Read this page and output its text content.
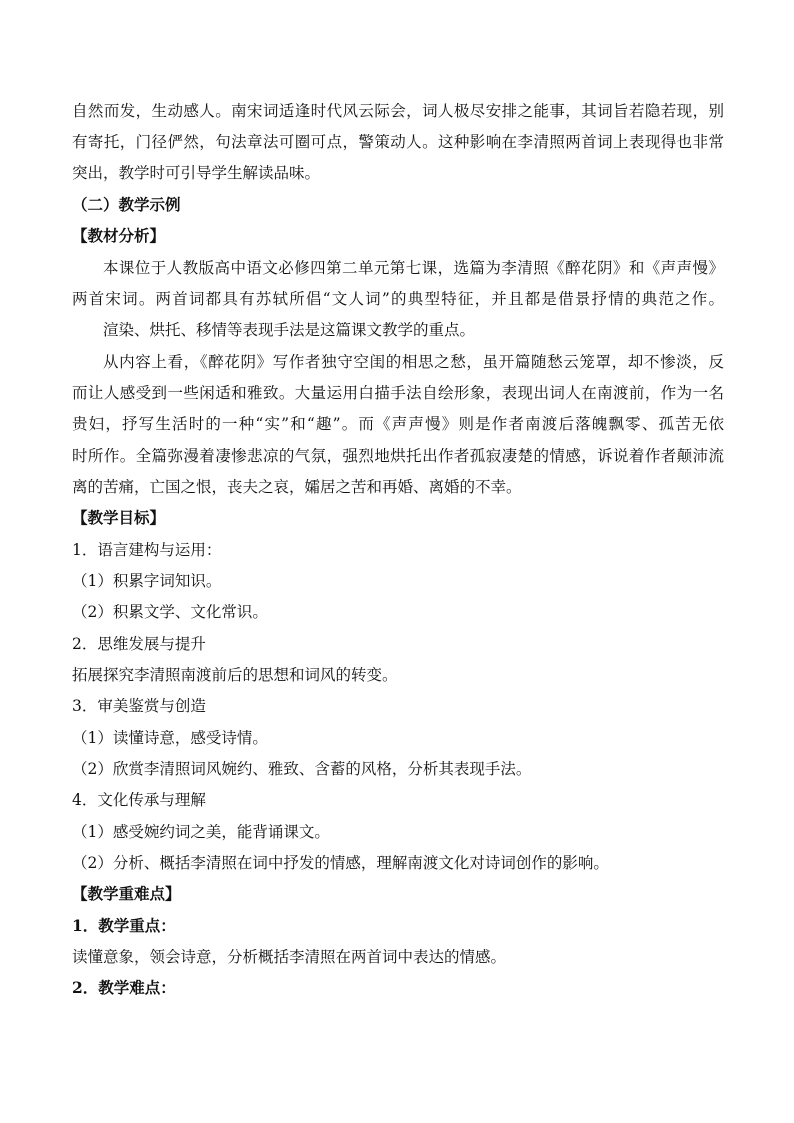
自然而发，生动感人。南宋词适逢时代风云际会，词人极尽安排之能事，其词旨若隐若现，别
有寄托，门径俨然，句法章法可圈可点，警策动人。这种影响在李清照两首词上表现得也非常
突出，教学时可引导学生解读品味。
（二）教学示例
【教材分析】
本课位于人教版高中语文必修四第二单元第七课，选篇为李清照《醉花阴》和《声声慢》
两首宋词。两首词都具有苏轼所倡“文人词”的典型特征，并且都是借景抒情的典范之作。
渲染、烘托、移情等表现手法是这篇课文教学的重点。
从内容上看，《醉花阴》写作者独守空闺的相思之愁，虽开篇随愁云笼罩，却不惨淡，反
而让人感受到一些闲适和雅致。大量运用白描手法自绘形象，表现出词人在南渡前，作为一名
贵妇，抒写生活时的一种“实”和“趣”。而《声声慢》则是作者南渡后落魄飘零、孤苦无依
时所作。全篇弥漫着凄惨悲凉的气氛，强烈地烘托出作者孤寂凄楚的情感，诉说着作者颠沛流
离的苦痛，亡国之恨，丧夫之哀，孀居之苦和再婚、离婚的不幸。
【教学目标】
1．语言建构与运用：
（1）积累字词知识。
（2）积累文学、文化常识。
2．思维发展与提升
拓展探究李清照南渡前后的思想和词风的转变。
3．审美鉴赏与创造
（1）读懂诗意，感受诗情。
（2）欣赏李清照词风婉约、雅致、含蓄的风格，分析其表现手法。
4．文化传承与理解
（1）感受婉约词之美，能背诵课文。
（2）分析、概括李清照在词中抒发的情感，理解南渡文化对诗词创作的影响。
【教学重难点】
1．教学重点：
读懂意象，领会诗意，分析概括李清照在两首词中表达的情感。
2．教学难点：
